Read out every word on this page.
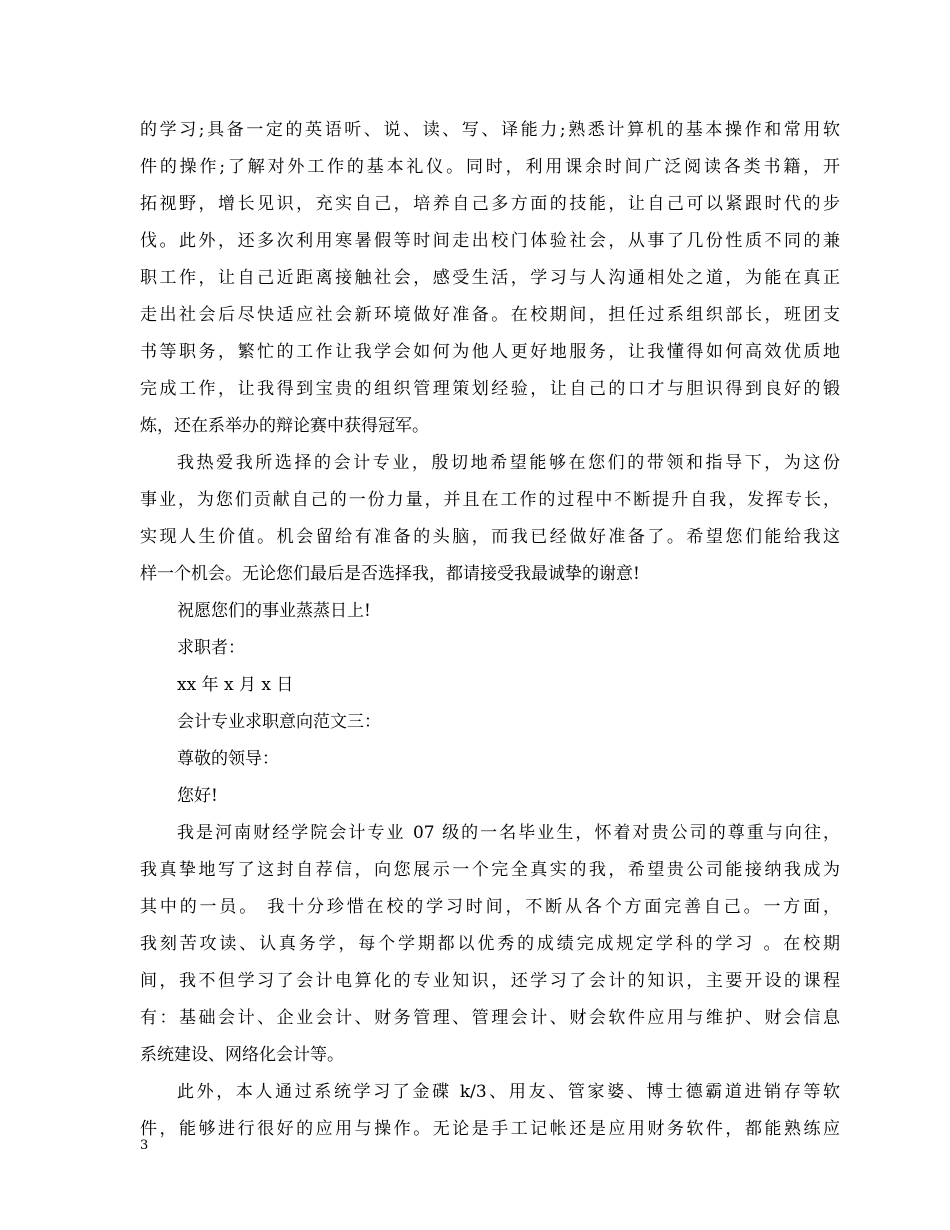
的学习;具备一定的英语听、说、读、写、译能力;熟悉计算机的基本操作和常用软
件的操作;了解对外工作的基本礼仪。同时，利用课余时间广泛阅读各类书籍，开
拓视野，增长见识，充实自己，培养自己多方面的技能，让自己可以紧跟时代的步
伐。此外，还多次利用寒暑假等时间走出校门体验社会，从事了几份性质不同的兼
职工作，让自己近距离接触社会，感受生活，学习与人沟通相处之道，为能在真正
走出社会后尽快适应社会新环境做好准备。在校期间，担任过系组织部长，班团支
书等职务，繁忙的工作让我学会如何为他人更好地服务，让我懂得如何高效优质地
完成工作，让我得到宝贵的组织管理策划经验，让自己的口才与胆识得到良好的锻
炼，还在系举办的辩论赛中获得冠军。
我热爱我所选择的会计专业，殷切地希望能够在您们的带领和指导下，为这份
事业，为您们贡献自己的一份力量，并且在工作的过程中不断提升自我，发挥专长，
实现人生价值。机会留给有准备的头脑，而我已经做好准备了。希望您们能给我这
样一个机会。无论您们最后是否选择我，都请接受我最诚挚的谢意!
祝愿您们的事业蒸蒸日上!
求职者：
xx 年 x 月 x 日
会计专业求职意向范文三：
尊敬的领导：
您好!
我是河南财经学院会计专业 07 级的一名毕业生，怀着对贵公司的尊重与向往，
我真挚地写了这封自荐信，向您展示一个完全真实的我，希望贵公司能接纳我成为
其中的一员。 我十分珍惜在校的学习时间，不断从各个方面完善自己。一方面，
我刻苦攻读、认真务学，每个学期都以优秀的成绩完成规定学科的学习 。在校期
间，我不但学习了会计电算化的专业知识，还学习了会计的知识，主要开设的课程
有：基础会计、企业会计、财务管理、管理会计、财会软件应用与维护、财会信息
系统建设、网络化会计等。
此外，本人通过系统学习了金碟 k/3、用友、管家婆、博士德霸道进销存等软
件，能够进行很好的应用与操作。无论是手工记帐还是应用财务软件，都能熟练应
3
